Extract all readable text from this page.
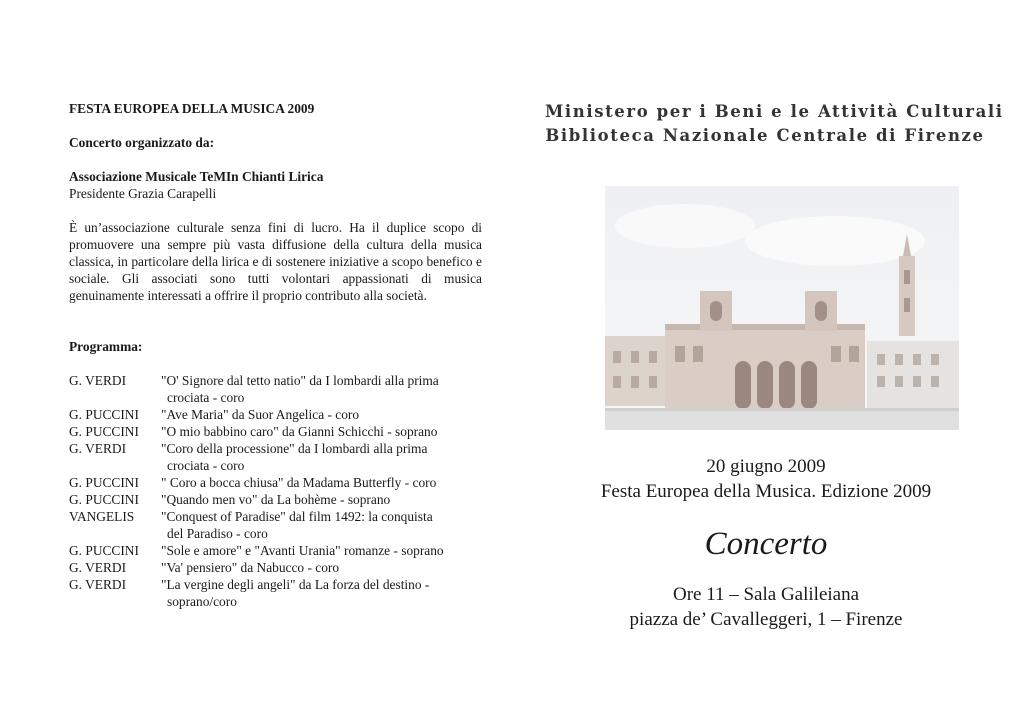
FESTA EUROPEA DELLA MUSICA 2009

Concerto organizzato da:

Associazione Musicale TeMIn Chianti Lirica

Presidente Grazia Carapelli

È un’associazione culturale senza fini di lucro. Ha il duplice scopo di promuovere una sempre più vasta diffusione della cultura della musica classica, in particolare della lirica e di sostenere iniziative a scopo benefico e sociale. Gli associati sono tutti volontari appassionati di musica genuinamente interessati a offrire il proprio contributo alla società.

Programma:

G. VERDI	"O' Signore dal tetto natio" da I lombardi alla prima
crociata - coro
G. PUCCINI	"Ave Maria" da Suor Angelica - coro
G. PUCCINI	"O mio babbino caro" da Gianni Schicchi - soprano
G. VERDI	"Coro della processione" da I lombardi alla prima
crociata - coro
G. PUCCINI	" Coro a bocca chiusa" da Madama Butterfly - coro
G. PUCCINI	"Quando men vo" da La bohème - soprano
VANGELIS	"Conquest of Paradise" dal film 1492: la conquista
del Paradiso - coro
G. PUCCINI	"Sole e amore" e "Avanti Urania" romanze - soprano
G. VERDI	"Va' pensiero" da Nabucco - coro
G. VERDI	"La vergine degli angeli" da La forza del destino -
soprano/coro

Ministero per i Beni e le Attività Culturali

Biblioteca Nazionale Centrale di Firenze

20 giugno 2009

Festa Europea della Musica. Edizione 2009

Concerto

Ore 11 – Sala Galileiana

piazza de’ Cavalleggeri, 1 – Firenze
